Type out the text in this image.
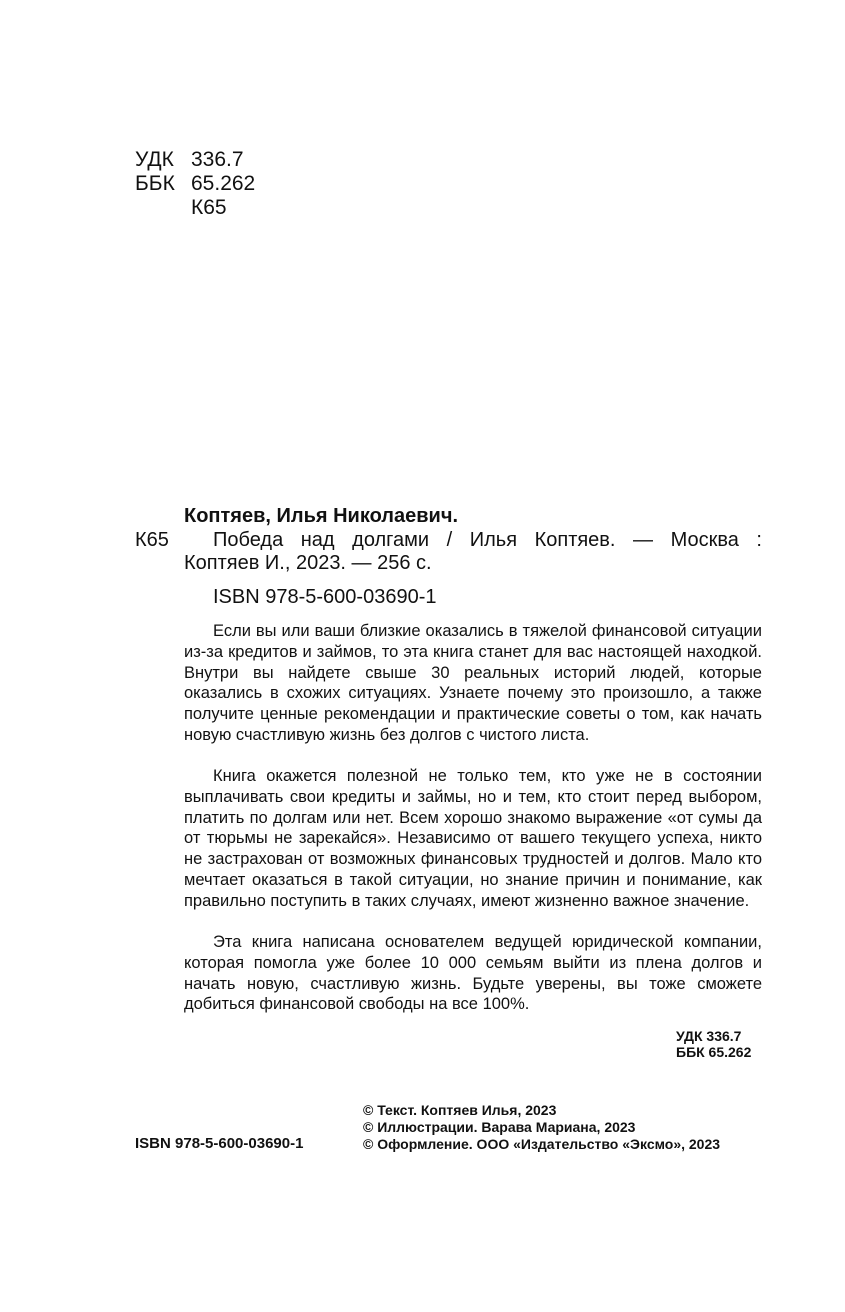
УДК 336.7
ББК 65.262
К65
Коптяев, Илья Николаевич.
К65 Победа над долгами / Илья Коптяев. — Москва :
Коптяев И., 2023. — 256 с.
ISBN 978-5-600-03690-1

Если вы или ваши близкие оказались в тяжелой финансовой ситуации из-за кредитов и займов, то эта книга станет для вас настоящей находкой. Внутри вы найдете свыше 30 реальных историй людей, которые оказались в схожих ситуациях. Узнаете почему это произошло, а также получите ценные рекомендации и практические советы о том, как начать новую счастливую жизнь без долгов с чистого листа.

Книга окажется полезной не только тем, кто уже не в состоянии выплачивать свои кредиты и займы, но и тем, кто стоит перед выбором, платить по долгам или нет. Всем хорошо знакомо выражение «от сумы да от тюрьмы не зарекайся». Независимо от вашего текущего успеха, никто не застрахован от возможных финансовых трудностей и долгов. Мало кто мечтает оказаться в такой ситуации, но знание причин и понимание, как правильно поступить в таких случаях, имеют жизненно важное значение.

Эта книга написана основателем ведущей юридической компании, которая помогла уже более 10 000 семьям выйти из плена долгов и начать новую, счастливую жизнь. Будьте уверены, вы тоже сможете добиться финансовой свободы на все 100%.

УДК 336.7
ББК 65.262
ISBN 978-5-600-03690-1
© Текст. Коптяев Илья, 2023
© Иллюстрации. Варава Мариана, 2023
© Оформление. ООО «Издательство «Эксмо», 2023
